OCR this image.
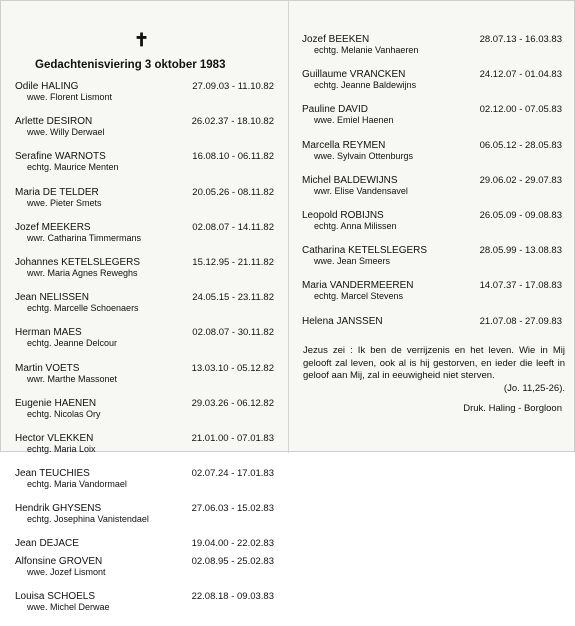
✝
Gedachtenisviering 3 oktober 1983
Odile HALING	27.09.03 - 11.10.82
wwe. Florent Lismont
Arlette DESIRON	26.02.37 - 18.10.82
wwe. Willy Derwael
Serafine WARNOTS	16.08.10 - 06.11.82
echtg. Maurice Menten
Maria DE TELDER	20.05.26 - 08.11.82
wwe. Pieter Smets
Jozef MEEKERS	02.08.07 - 14.11.82
wwr. Catharina Timmermans
Johannes KETELSLEGERS	15.12.95 - 21.11.82
wwr. Maria Agnes Reweghs
Jean NELISSEN	24.05.15 - 23.11.82
echtg. Marcelle Schoenaers
Herman MAES	02.08.07 - 30.11.82
echtg. Jeanne Delcour
Martin VOETS	13.03.10 - 05.12.82
wwr. Marthe Massonet
Eugenie HAENEN	29.03.26 - 06.12.82
echtg. Nicolas Ory
Hector VLEKKEN	21.01.00 - 07.01.83
echtg. Maria Loix
Jean TEUCHIES	02.07.24 - 17.01.83
echtg. Maria Vandormael
Hendrik GHYSENS	27.06.03 - 15.02.83
echtg. Josephina Vanistendael
Jean DEJACE	19.04.00 - 22.02.83
Alfonsine GROVEN	02.08.95 - 25.02.83
wwe. Jozef Lismont
Louisa SCHOELS	22.08.18 - 09.03.83
wwe. Michel Derwae
Jozef BEEKEN	28.07.13 - 16.03.83
echtg. Melanie Vanhaeren
Guillaume VRANCKEN	24.12.07 - 01.04.83
echtg. Jeanne Baldewijns
Pauline DAVID	02.12.00 - 07.05.83
wwe. Emiel Haenen
Marcella REYMEN	06.05.12 - 28.05.83
wwe. Sylvain Ottenburgs
Michel BALDEWIJNS	29.06.02 - 29.07.83
wwr. Elise Vandensavel
Leopold ROBIJNS	26.05.09 - 09.08.83
echtg. Anna Milissen
Catharina KETELSLEGERS	28.05.99 - 13.08.83
wwe. Jean Smeers
Maria VANDERMEEREN	14.07.37 - 17.08.83
echtg. Marcel Stevens
Helena JANSSEN	21.07.08 - 27.09.83
Jezus zei : Ik ben de verrijzenis en het leven. Wie in Mij gelooft zal leven, ook al is hij gestorven, en ieder die leeft in geloof aan Mij, zal in eeuwigheid niet sterven.
(Jo. 11,25-26).
Druk. Haling - Borgloon
